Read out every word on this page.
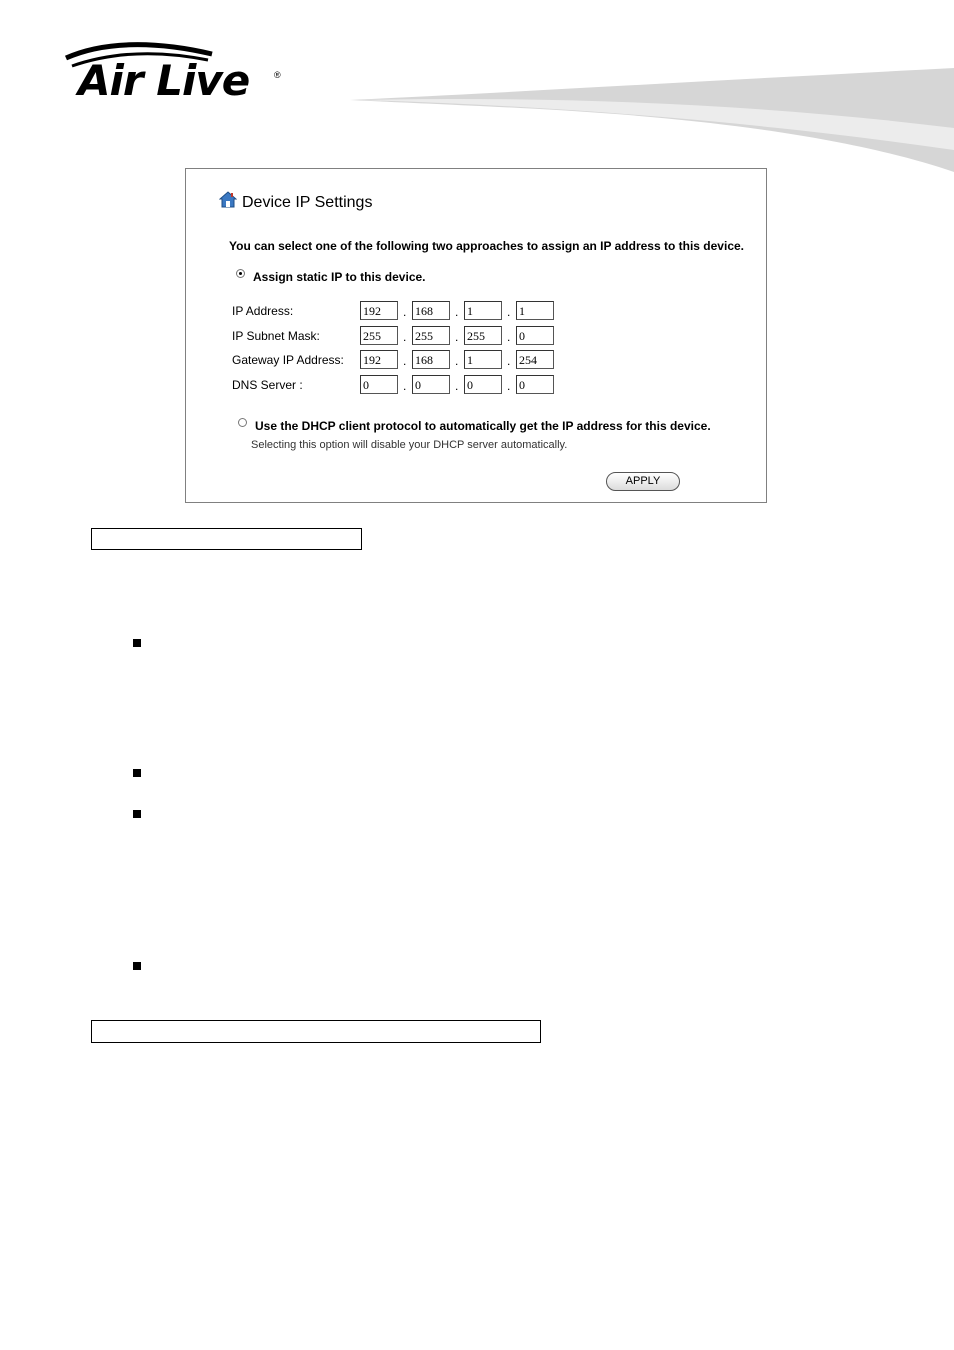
Air Live	®
Device IP Settings
You can select one of the following two approaches to assign an IP address to this device.
Assign static IP to this device.
IP Address:	192	. 168	. 1	. 1
IP Subnet Mask:	255	. 255	. 255	. 0
Gateway IP Address: 192	. 168	. 1	. 254
DNS Server :	0	. 0	. 0	. 0
Use the DHCP client protocol to automatically get the IP address for this device.
Selecting this option will disable your DHCP server automatically.
APPLY
